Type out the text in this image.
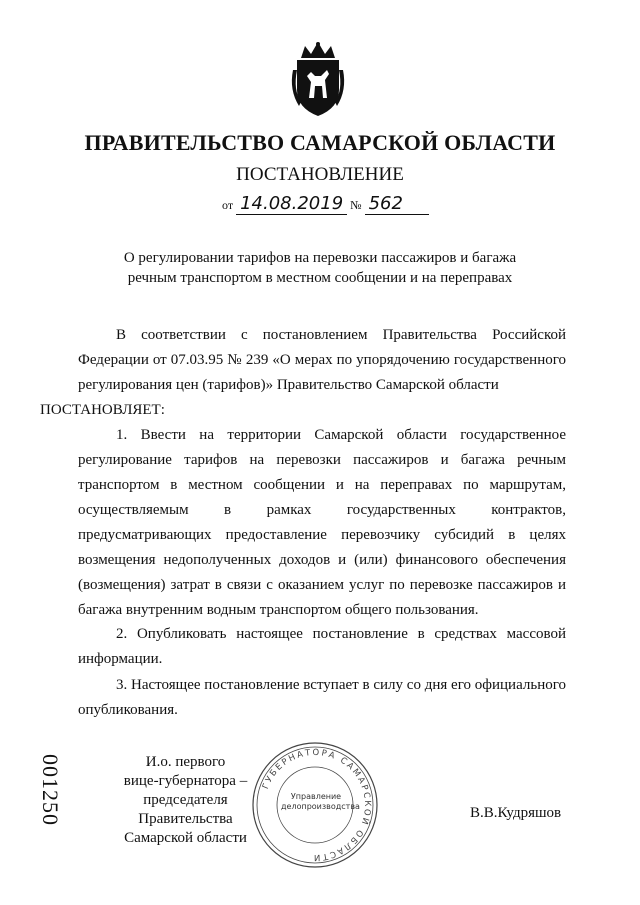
ПРАВИТЕЛЬСТВО САМАРСКОЙ ОБЛАСТИ
ПОСТАНОВЛЕНИЕ
от 14.08.2019 № 562
О регулировании тарифов на перевозки пассажиров и багажа речным транспортом в местном сообщении и на переправах
В соответствии с постановлением Правительства Российской Федерации от 07.03.95 № 239 «О мерах по упорядочению государственного регулирования цен (тарифов)» Правительство Самарской области
ПОСТАНОВЛЯЕТ:
1. Ввести на территории Самарской области государственное регулирование тарифов на перевозки пассажиров и багажа речным транспортом в местном сообщении и на переправах по маршрутам, осуществляемым в рамках государственных контрактов, предусматривающих предоставление перевозчику субсидий в целях возмещения недополученных доходов и (или) финансового обеспечения (возмещения) затрат в связи с оказанием услуг по перевозке пассажиров и багажа внутренним водным транспортом общего пользования.
2. Опубликовать настоящее постановление в средствах массовой информации.
3. Настоящее постановление вступает в силу со дня его официального опубликования.
И.о. первого
вице-губернатора –
председателя Правительства
Самарской области
ГУБЕРНАТОРА САМАРСКОЙ ОБЛАСТИ
Управление
делопроизводства	В.В.Кудряшов
001250
